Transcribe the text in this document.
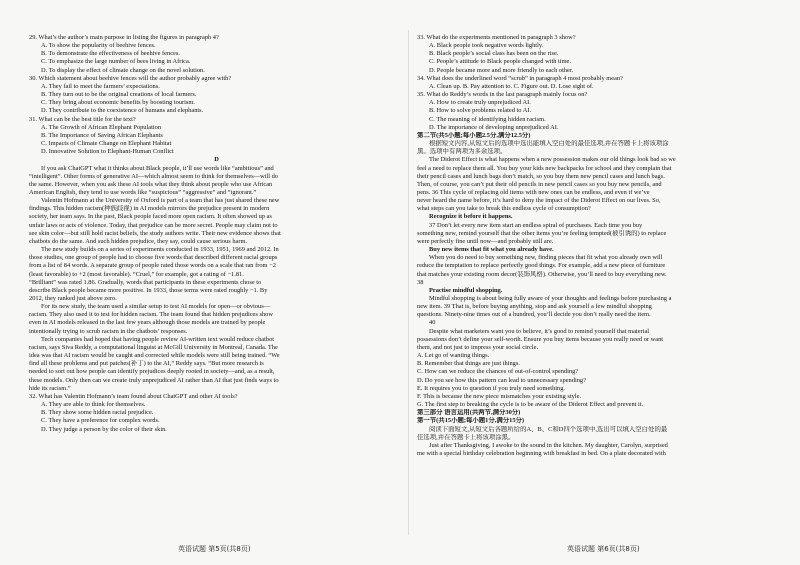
29. What’s the author’s main purpose in listing the figures in paragraph 4?
A. To show the popularity of beehive fences.
B. To demonstrate the effectiveness of beehive fences.
C. To emphasize the large number of bees living in Africa.
D. To display the effect of climate change on the novel solution.
30. Which statement about beehive fences will the author probably agree with?
A. They fail to meet the farmers’ expectations.
B. They turn out to be the original creations of local farmers.
C. They bring about economic benefits by boosting tourism.
D. They contribute to the coexistence of humans and elephants.
31. What can be the best title for the text?
A. The Growth of African Elephant Population
B. The Importance of Saving African Elephants
C. Impacts of Climate Change on Elephant Habitat
D. Innovative Solution to Elephant-Human Conflict
D
If you ask ChatGPT what it thinks about Black people, it’ll use words like “ambitious” and
“intelligent”. Other forms of generative AI—which almost seem to think for themselves—will do
the same. However, when you ask these AI tools what they think about people who use African
American English, they tend to use words like “suspicious” “aggressive” and “ignorant.”
Valentin Hofmann at the University of Oxford is part of a team that has just shared these new
findings. This hidden racism(种族歧视) in AI models mirrors the prejudice present in modern
society, her team says. In the past, Black people faced more open racism. It often showed up as
unfair laws or acts of violence. Today, that prejudice can be more secret. People may claim not to
see skin color—but still hold racist beliefs, the study authors write. Their new evidence shows that
chatbots do the same. And such hidden prejudice, they say, could cause serious harm.
The new study builds on a series of experiments conducted in 1933, 1951, 1969 and 2012. In
those studies, one group of people had to choose five words that described different racial groups
from a list of 84 words. A separate group of people rated those words on a scale that ran from −2
(least favorable) to +2 (most favorable). “Cruel,” for example, got a rating of −1.81.
“Brilliant” was rated 1.86. Gradually, words that participants in these experiments chose to
describe Black people became more positive. In 1933, those terms were rated roughly −1. By
2012, they ranked just above zero.
For its new study, the team used a similar setup to test AI models for open—or obvious—
racism. They also used it to test for hidden racism. The team found that hidden prejudices show
even in AI models released in the last few years although those models are trained by people
intentionally trying to scrub racism in the chatbots’ responses.
Tech companies had hoped that having people review AI-written text would reduce chatbot
racism, says Siva Reddy, a computational linguist at McGill University in Montreal, Canada. The
idea was that AI racism would be caught and corrected while models were still being trained. “We
find all these problems and put patches(补丁) to the AI,” Reddy says. “But more research is
needed to sort out how people can identify prejudices deeply rooted in society—and, as a result,
these models. Only then can we create truly unprejudiced AI rather than AI that just finds ways to
hide its racism.”
32. What has Valentin Hofmann’s team found about ChatGPT and other AI tools?
A. They are able to think for themselves.
B. They show some hidden racial prejudice.
C. They have a preference for complex words.
D. They judge a person by the color of their skin.
33. What do the experiments mentioned in paragraph 3 show?
A. Black people took negative words lightly.
B. Black people’s social class has been on the rise.
C. People’s attitude to Black people changed with time.
D. People became more and more friendly to each other.
34. What does the underlined word “scrub” in paragraph 4 most probably mean?
A. Clean up. B. Pay attention to. C. Figure out. D. Lose sight of.
35. What do Reddy’s words in the last paragraph mainly focus on?
A. How to create truly unprejudiced AI.
B. How to solve problems related to AI.
C. The meaning of identifying hidden racism.
D. The importance of developing unprejudiced AI.
第二节(共5小题;每小题2.5分,满分12.5分)
根据短文内容,从短文后的选项中选出能填入空白处的最佳选项,并在答题卡上将该项涂
黑。选项中有两项为多余选项。
The Diderot Effect is what happens when a new possession makes our old things look bad so we
feel a need to replace them all. You buy your kids new backpacks for school and they complain that
their pencil cases and lunch bags don’t match, so you buy them new pencil cases and lunch bags.
Then, of course, you can’t put their old pencils in new pencil cases so you buy new pencils, and
pens. 36 This cycle of replacing old items with new ones can be endless, and even if we’ve
never heard the name before, it’s hard to deny the impact of the Diderot Effect on our lives. So,
what steps can you take to break this endless cycle of consumption?
Recognize it before it happens.
37 Don’t let every new item start an endless spiral of purchases. Each time you buy
something new, remind yourself that the other items you’re feeling tempted(被引诱的) to replace
were perfectly fine until now—and probably still are.
Buy new items that fit what you already have.
When you do need to buy something new, finding pieces that fit what you already own will
reduce the temptation to replace perfectly good things. For example, add a new piece of furniture
that matches your existing room decor(装饰风格). Otherwise, you’ll need to buy everything new.
38
Practise mindful shopping.
Mindful shopping is about being fully aware of your thoughts and feelings before purchasing a
new item. 39 That is, before buying anything, stop and ask yourself a few mindful shopping
questions. Ninety-nine times out of a hundred, you’ll decide you don’t really need the item.
40
Despite what marketers want you to believe, it’s good to remind yourself that material
possessions don’t define your self-worth. Ensure you buy items because you really need or want
them, and not just to impress your social circle.
A. Let go of wanting things.
B. Remember that things are just things.
C. How can we reduce the chances of out-of-control spending?
D. Do you see how this pattern can lead to unnecessary spending?
E. It requires you to question if you truly need something.
F. This is because the new piece mismatches your existing style.
G. The first step to breaking the cycle is to be aware of the Diderot Effect and prevent it.
第三部分 语言运用(共两节,满分30分)
第一节(共15小题;每小题1分,满分15分)
阅读下面短文,从短文后各题所给的A、B、C和D四个选项中,选出可以填入空白处的最
佳选项,并在答题卡上将该项涂黑。
Just after Thanksgiving, I awoke to the sound in the kitchen. My daughter, Carolyn, surprised
me with a special birthday celebration beginning with breakfast in bed. On a plate decorated with
英语试题 第5页(共8页)	英语试题 第6页(共8页)
